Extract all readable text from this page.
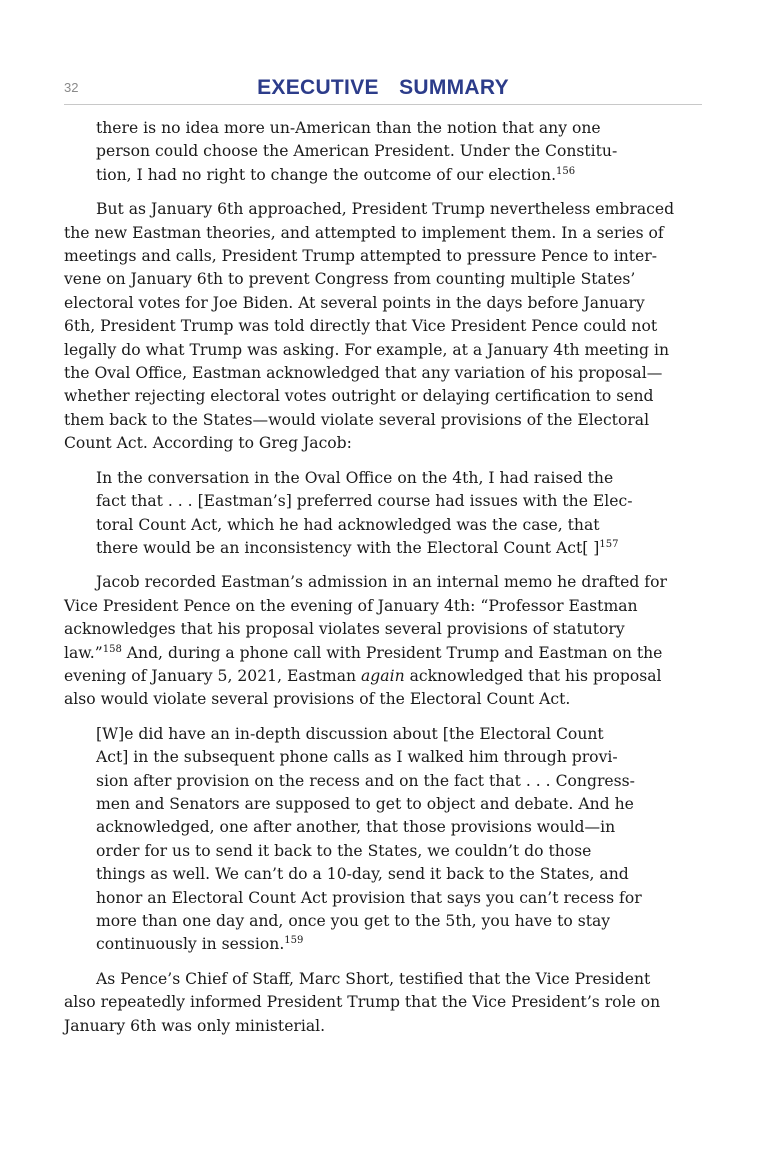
32	EXECUTIVE  SUMMARY
there is no idea more un-American than the notion that any one
person could choose the American President. Under the Constitu-
tion, I had no right to change the outcome of our election.$^{156}$

But as January 6th approached, President Trump nevertheless embraced
the new Eastman theories, and attempted to implement them. In a series of
meetings and calls, President Trump attempted to pressure Pence to inter-
vene on January 6th to prevent Congress from counting multiple States’
electoral votes for Joe Biden. At several points in the days before January
6th, President Trump was told directly that Vice President Pence could not
legally do what Trump was asking. For example, at a January 4th meeting in
the Oval Office, Eastman acknowledged that any variation of his proposal—
whether rejecting electoral votes outright or delaying certification to send
them back to the States—would violate several provisions of the Electoral
Count Act. According to Greg Jacob:

In the conversation in the Oval Office on the 4th, I had raised the
fact that . . . [Eastman’s] preferred course had issues with the Elec-
toral Count Act, which he had acknowledged was the case, that
there would be an inconsistency with the Electoral Count Act[ ]$^{157}$

Jacob recorded Eastman’s admission in an internal memo he drafted for
Vice President Pence on the evening of January 4th: “Professor Eastman
acknowledges that his proposal violates several provisions of statutory
law.”$^{158}$ And, during a phone call with President Trump and Eastman on the
evening of January 5, 2021, Eastman again acknowledged that his proposal
also would violate several provisions of the Electoral Count Act.

[W]e did have an in-depth discussion about [the Electoral Count
Act] in the subsequent phone calls as I walked him through provi-
sion after provision on the recess and on the fact that . . . Congress-
men and Senators are supposed to get to object and debate. And he
acknowledged, one after another, that those provisions would—in
order for us to send it back to the States, we couldn’t do those
things as well. We can’t do a 10-day, send it back to the States, and
honor an Electoral Count Act provision that says you can’t recess for
more than one day and, once you get to the 5th, you have to stay
continuously in session.$^{159}$

As Pence’s Chief of Staff, Marc Short, testified that the Vice President
also repeatedly informed President Trump that the Vice President’s role on
January 6th was only ministerial.
